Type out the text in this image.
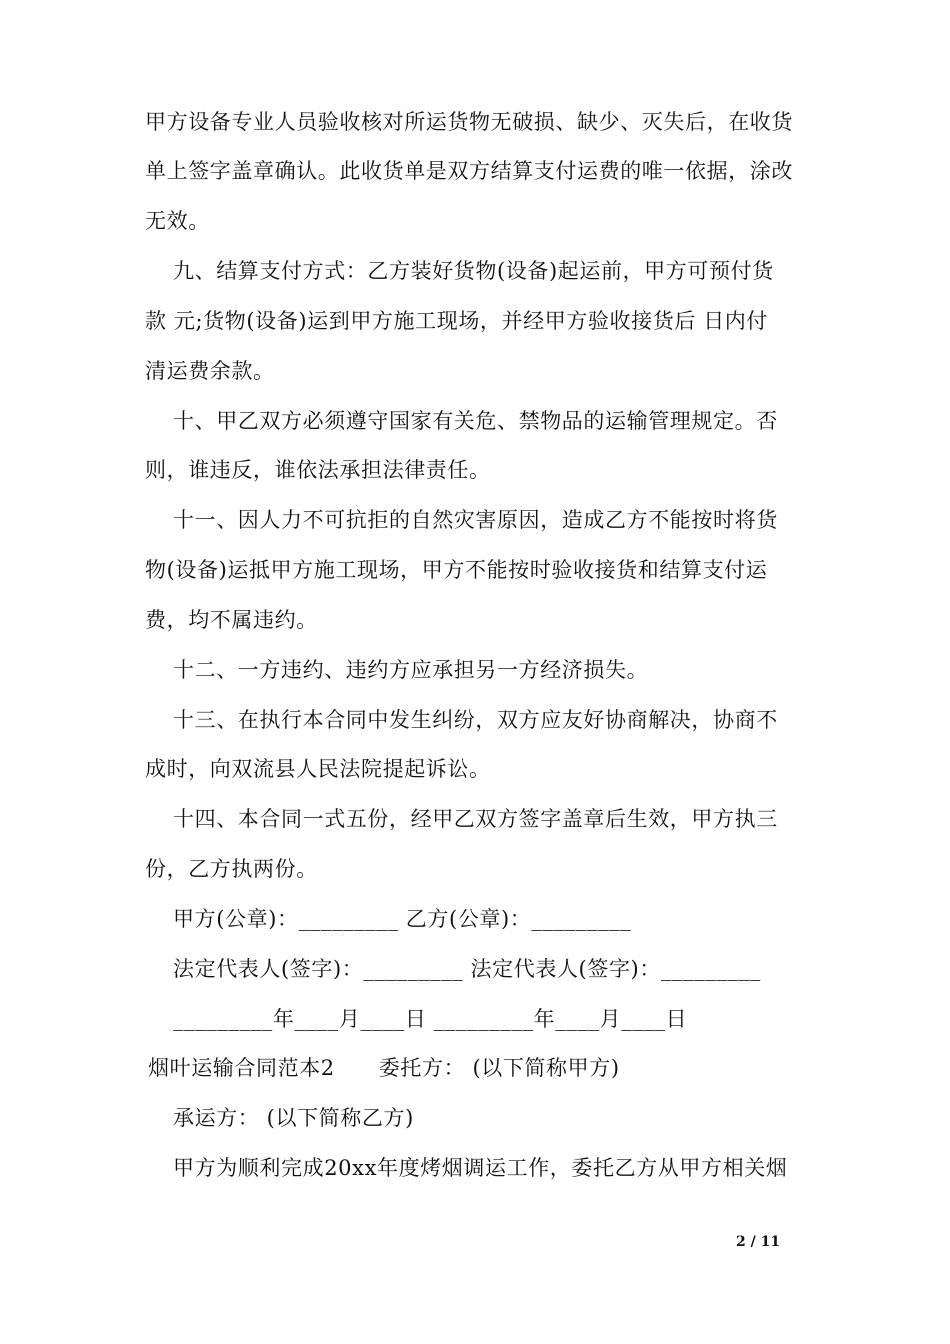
甲方设备专业人员验收核对所运货物无破损、缺少、灭失后，在收货
单上签字盖章确认。此收货单是双方结算支付运费的唯一依据，涂改
无效。
九、结算支付方式：乙方装好货物(设备)起运前，甲方可预付货
款 元;货物(设备)运到甲方施工现场，并经甲方验收接货后 日内付
清运费余款。
十、甲乙双方必须遵守国家有关危、禁物品的运输管理规定。否
则，谁违反，谁依法承担法律责任。
十一、因人力不可抗拒的自然灾害原因，造成乙方不能按时将货
物(设备)运抵甲方施工现场，甲方不能按时验收接货和结算支付运
费，均不属违约。
十二、一方违约、违约方应承担另一方经济损失。
十三、在执行本合同中发生纠纷，双方应友好协商解决，协商不
成时，向双流县人民法院提起诉讼。
十四、本合同一式五份，经甲乙双方签字盖章后生效，甲方执三
份，乙方执两份。
甲方(公章)：_________ 乙方(公章)：_________
法定代表人(签字)：_________ 法定代表人(签字)：_________
_________年____月____日 _________年____月____日
烟叶运输合同范本2 委托方： (以下简称甲方)
承运方： (以下简称乙方)
甲方为顺利完成20xx年度烤烟调运工作，委托乙方从甲方相关烟
2 / 11
